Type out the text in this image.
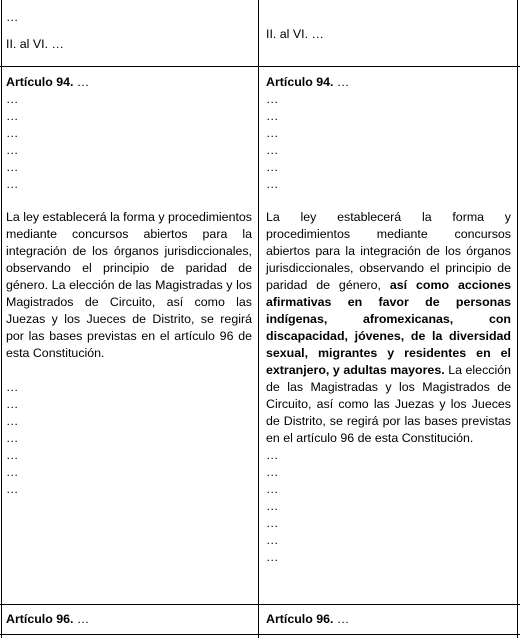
…
II. al VI. …
II. al VI. …
Artículo 94. …
…
…
…
…
…
…

La ley establecerá la forma y procedimientos mediante concursos abiertos para la integración de los órganos jurisdiccionales, observando el principio de paridad de género. La elección de las Magistradas y los Magistrados de Circuito, así como las Juezas y los Jueces de Distrito, se regirá por las bases previstas en el artículo 96 de esta Constitución.

…
…
…
…
…
…
…
Artículo 94. …
…
…
…
…
…
…

La ley establecerá la forma y procedimientos mediante concursos abiertos para la integración de los órganos jurisdiccionales, observando el principio de paridad de género, así como acciones afirmativas en favor de personas indígenas, afromexicanas, con discapacidad, jóvenes, de la diversidad sexual, migrantes y residentes en el extranjero, y adultas mayores. La elección de las Magistradas y los Magistrados de Circuito, así como las Juezas y los Jueces de Distrito, se regirá por las bases previstas en el artículo 96 de esta Constitución.

…
…
…
…
…
…
…
Artículo 96. …	Artículo 96. …
